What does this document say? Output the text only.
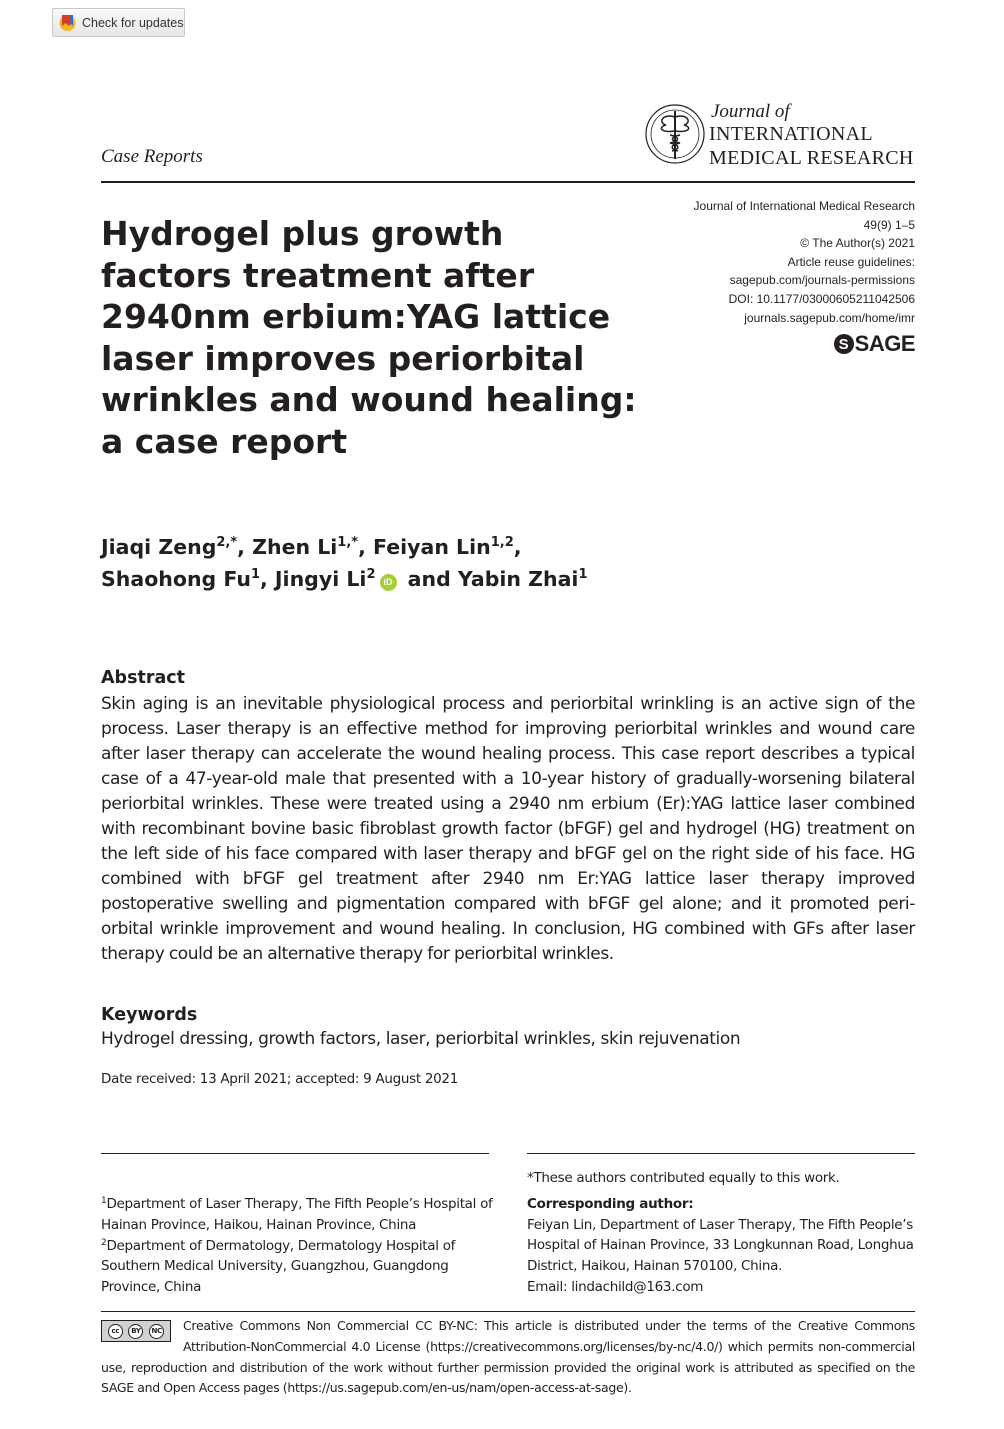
Check for updates
Case Reports
Journal of
INTERNATIONAL
MEDICAL RESEARCH
Journal of International Medical Research
49(9) 1–5
© The Author(s) 2021
Article reuse guidelines:
sagepub.com/journals-permissions
DOI: 10.1177/03000605211042506
journals.sagepub.com/home/imr
S SAGE
Hydrogel plus growth factors treatment after 2940nm erbium:YAG lattice laser improves periorbital wrinkles and wound healing: a case report
Jiaqi Zeng$^{2,*}$, Zhen $Li^{1,*}$, Feiyan Lin$^{1,2}$,
Shaohong Fu$^1$, Jingyi Li$^2$ iD and Yabin Zhai$^1$
Abstract

Skin aging is an inevitable physiological process and periorbital wrinkling is an active sign of the process. Laser therapy is an effective method for improving periorbital wrinkles and wound care after laser therapy can accelerate the wound healing process. This case report describes a typical case of a 47-year-old male that presented with a 10-year history of gradually-worsening bilateral periorbital wrinkles. These were treated using a 2940 nm erbium (Er):YAG lattice laser combined with recombinant bovine basic fibroblast growth factor (bFGF) gel and hydrogel (HG) treatment on the left side of his face compared with laser therapy and bFGF gel on the right side of his face. HG combined with bFGF gel treatment after 2940 nm Er:YAG lattice laser therapy improved postoperative swelling and pigmentation compared with bFGF gel alone; and it promoted peri-orbital wrinkle improvement and wound healing. In conclusion, HG combined with GFs after laser therapy could be an alternative therapy for periorbital wrinkles.

Keywords
Hydrogel dressing, growth factors, laser, periorbital wrinkles, skin rejuvenation
Date received: 13 April 2021; accepted: 9 August 2021
$^1$Department of Laser Therapy, The Fifth People’s Hospital of Hainan Province, Haikou, Hainan Province, China
$^2$Department of Dermatology, Dermatology Hospital of Southern Medical University, Guangzhou, Guangdong Province, China
*These authors contributed equally to this work.
Corresponding author:
Feiyan Lin, Department of Laser Therapy, The Fifth People’s Hospital of Hainan Province, 33 Longkunnan Road, Longhua District, Haikou, Hainan 570100, China.
Email: lindachild@163.com

cc	BY	NC Creative Commons Non Commercial CC BY-NC: This article is distributed under the terms of the Creative Commons Attribution-NonCommercial 4.0 License (https://creativecommons.org/licenses/by-nc/4.0/) which permits non-commercial use, reproduction and distribution of the work without further permission provided the original work is attributed as specified on the SAGE and Open Access pages (https://us.sagepub.com/en-us/nam/open-access-at-sage).
